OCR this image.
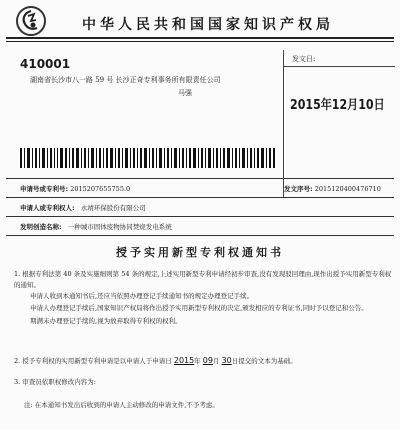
中华人民共和国国家知识产权局
410001
湖南省长沙市八一路 59 号 长沙正奇专利事务所有限责任公司
马强
发文日:
2015年12月10日
申请号或专利号: 2015207655755.0	发文序号: 2015120400476710
申请人或专利权人: 永靖环保股份有限公司
发明创造名称: 一种城市固体废物协同焚烧发电系统
授予实用新型专利权通知书
1. 根据专利法第 40 条及实施细则第 54 条的规定,上述实用新型专利申请经初步审查,没有发现驳回理由,现作出授予实用新型专利权的通知。
申请人收到本通知书后,还应当依照办理登记手续通知书的规定办理登记手续。
申请人办理登记手续后,国家知识产权局将作出授予实用新型专利权的决定,颁发相应的专利证书,同时予以登记和公告。
期满未办理登记手续的,视为放弃取得专利权的权利。
2. 授予专利权的实用新型专利申请是以申请人于申请日 2015年 09月 30日提交的文本为基础。
3. 审查员依职权修改内容为:
注: 在本通知书发出后收到的申请人主动修改的申请文件,不予考虑。
